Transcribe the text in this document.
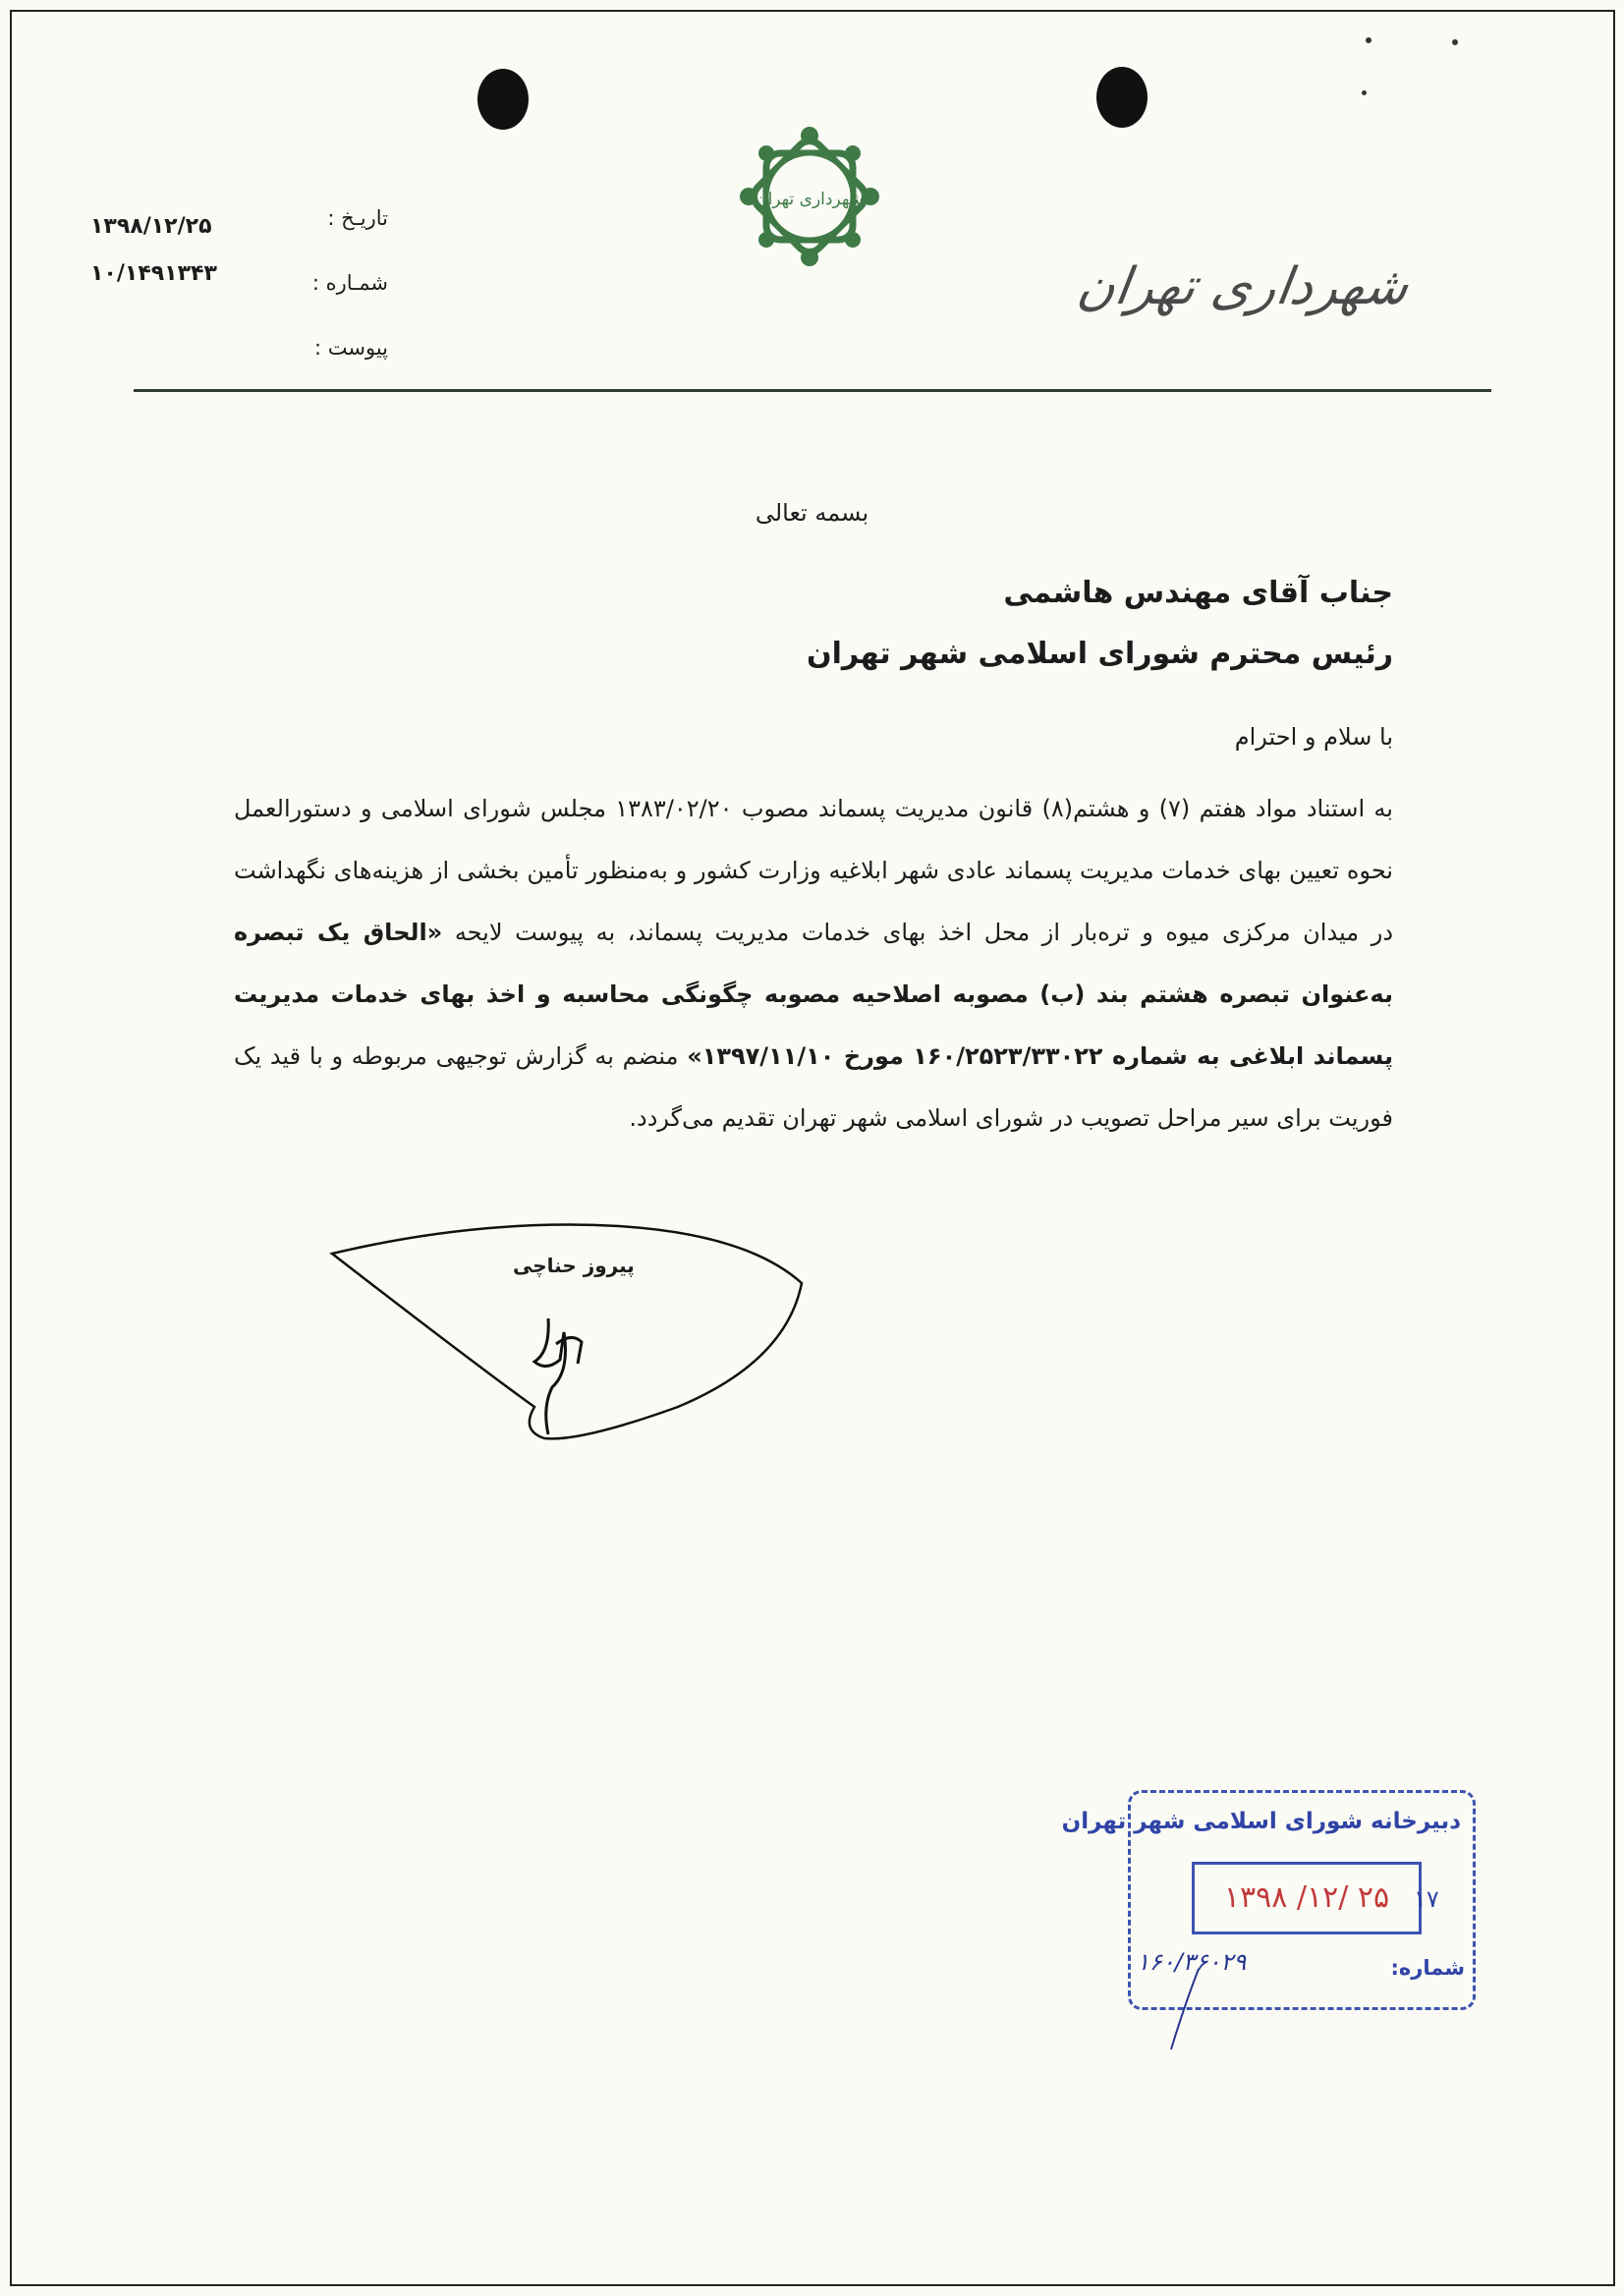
شهرداری تهران
تاریـخ :
۱۳۹۸/۱۲/۲۵
شمـاره :
۱۰/۱۴۹۱۳۴۳
پیوست :
شهرداری تهران
بسمه تعالی
جناب آقای مهندس هاشمی
رئیس محترم شورای اسلامی شهر تهران
با سلام و احترام
به استناد مواد هفتم (۷) و هشتم(۸) قانون مدیریت پسماند مصوب ۱۳۸۳/۰۲/۲۰ مجلس شورای اسلامی و دستورالعمل نحوه تعیین بهای خدمات مدیریت پسماند عادی شهر ابلاغیه وزارت کشور و به‌منظور تأمین بخشی از هزینه‌های نگهداشت در میدان مرکزی میوه و تره‌بار از محل اخذ بهای خدمات مدیریت پسماند، به پیوست لایحه «الحاق یک تبصره به‌عنوان تبصره هشتم بند (ب) مصوبه اصلاحیه مصوبه چگونگی محاسبه و اخذ بهای خدمات مدیریت پسماند ابلاغی به شماره ۱۶۰/۲۵۲۳/۳۳۰۲۲ مورخ ۱۳۹۷/۱۱/۱۰» منضم به گزارش توجیهی مربوطه و با قید یک فوریت برای سیر مراحل تصویب در شورای اسلامی شهر تهران تقدیم می‌گردد.
پیروز حناچی
دبیرخانه شورای اسلامی شهر تهران
۱۳۹۸ /۱۲/ ۲۵	۱۷
شماره:
۱۶۰/۳۶۰۲۹
